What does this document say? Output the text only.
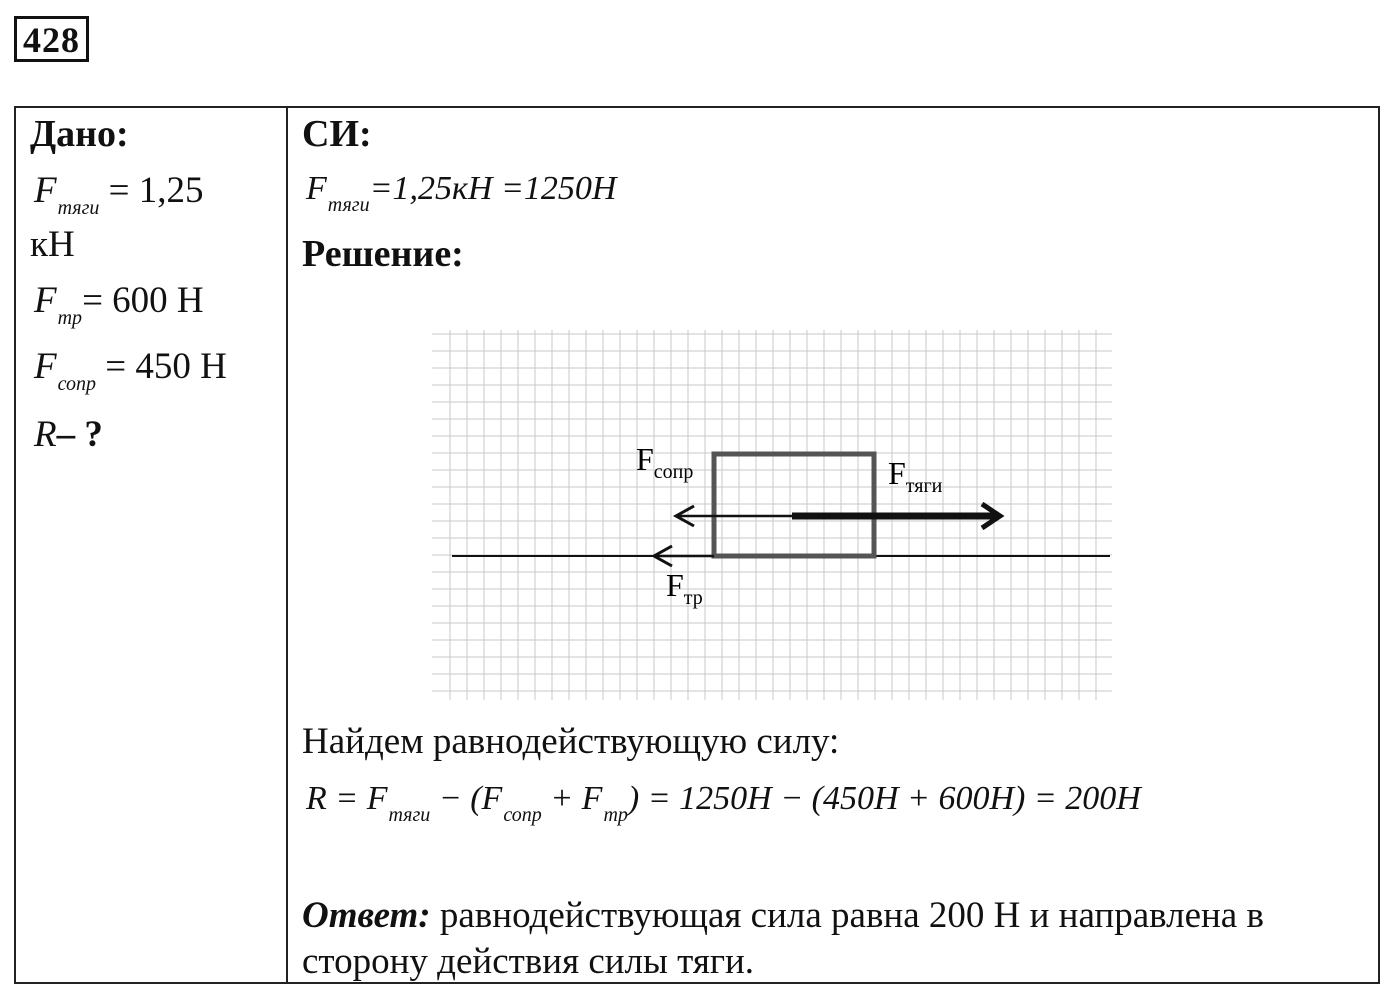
428
Дано:
$F_{тяги} = 1,25$
кН
$F_{тр}= 600$ Н
$F_{сопр} = 450$ Н
R– ?
СИ:
$F_{тяги}=1,25кН =1250Н$
Решение:
$F_{сопр}$	$F_{тяги}$
$F_{тр}$
Найдем равнодействующую силу:
$R = F_{тяги} - (F_{сопр} + F_{тр}) = 1250Н - (450Н + 600Н) = 200Н$
Ответ: равнодействующая сила равна 200 Н и направлена в
сторону действия силы тяги.
